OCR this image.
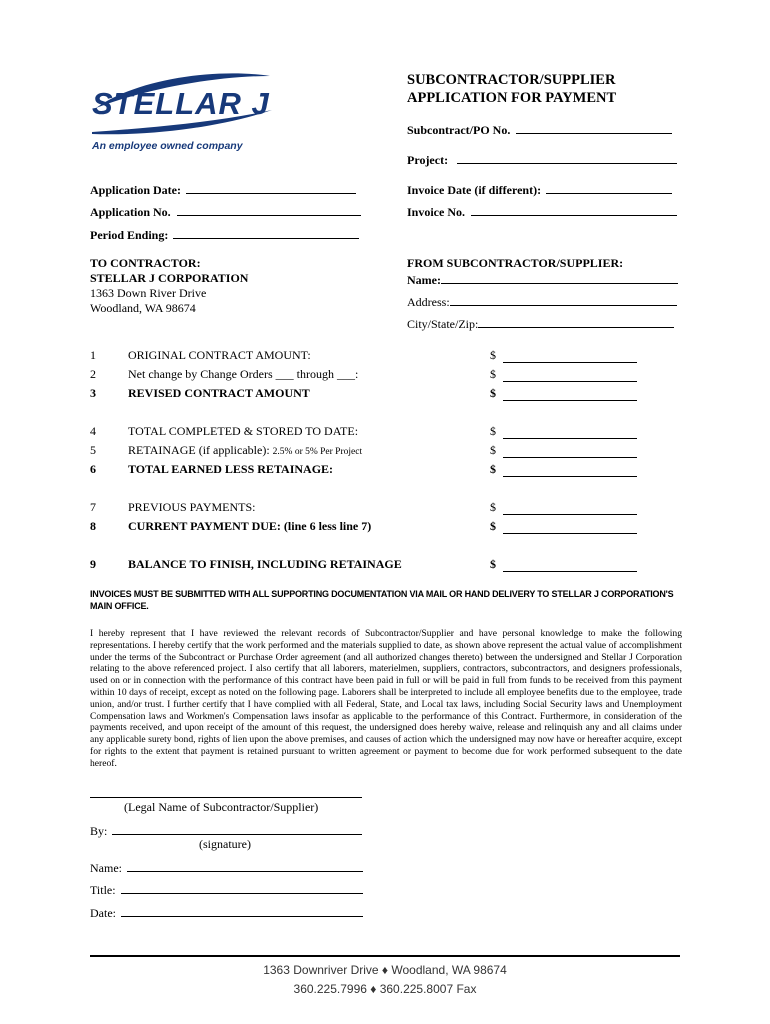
STELLAR J
An employee owned company
SUBCONTRACTOR/SUPPLIER
APPLICATION FOR PAYMENT
Subcontract/PO No.
Project:
Application Date:	Invoice Date (if different):
Application No.	Invoice No.
Period Ending:
TO CONTRACTOR:
STELLAR J CORPORATION
1363 Down River Drive
Woodland, WA 98674
FROM SUBCONTRACTOR/SUPPLIER:
Name:
Address:
City/State/Zip:
1	ORIGINAL CONTRACT AMOUNT:	$
2	Net change by Change Orders ___ through ___:	$
3	REVISED CONTRACT AMOUNT	$
4	TOTAL COMPLETED & STORED TO DATE:	$
5	RETAINAGE (if applicable): 2.5% or 5% Per Project	$
6	TOTAL EARNED LESS RETAINAGE:	$
7	PREVIOUS PAYMENTS:	$
8	CURRENT PAYMENT DUE: (line 6 less line 7)	$
9	BALANCE TO FINISH, INCLUDING RETAINAGE	$
INVOICES MUST BE SUBMITTED WITH ALL SUPPORTING DOCUMENTATION VIA MAIL OR HAND DELIVERY TO STELLAR J CORPORATION'S MAIN OFFICE.
I hereby represent that I have reviewed the relevant records of Subcontractor/Supplier and have personal knowledge to make the following representations. I hereby certify that the work performed and the materials supplied to date, as shown above represent the actual value of accomplishment under the terms of the Subcontract or Purchase Order agreement (and all authorized changes thereto) between the undersigned and Stellar J Corporation relating to the above referenced project. I also certify that all laborers, materielmen, suppliers, contractors, subcontractors, and designers professionals, used on or in connection with the performance of this contract have been paid in full or will be paid in full from funds to be received from this payment within 10 days of receipt, except as noted on the following page. Laborers shall be interpreted to include all employee benefits due to the employee, trade union, and/or trust. I further certify that I have complied with all Federal, State, and Local tax laws, including Social Security laws and Unemployment Compensation laws and Workmen's Compensation laws insofar as applicable to the performance of this Contract. Furthermore, in consideration of the payments received, and upon receipt of the amount of this request, the undersigned does hereby waive, release and relinquish any and all claims under any applicable surety bond, rights of lien upon the above premises, and causes of action which the undersigned may now have or hereafter acquire, except for rights to the extent that payment is retained pursuant to written agreement or payment to become due for work performed subsequent to the date hereof.
(Legal Name of Subcontractor/Supplier)
By:
(signature)
Name:
Title:
Date:
1363 Downriver Drive ♦ Woodland, WA 98674
360.225.7996 ♦ 360.225.8007 Fax
